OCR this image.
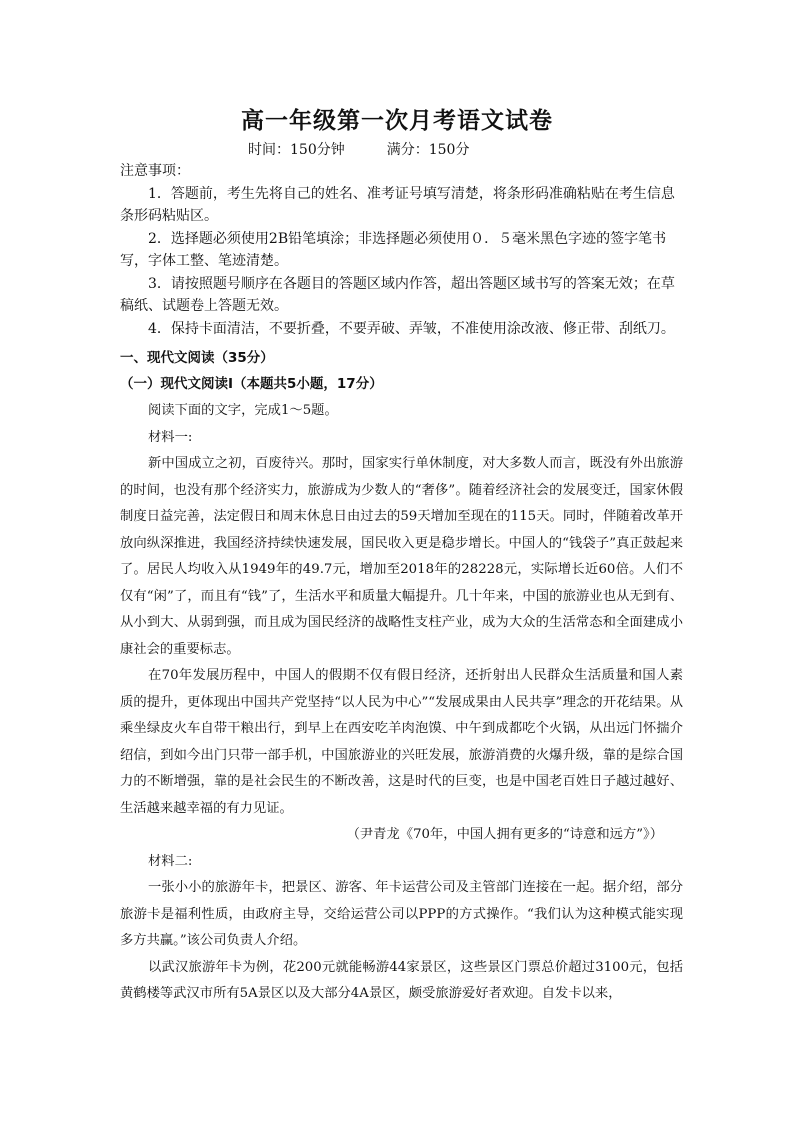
高一年级第一次月考语文试卷
时间：150分钟	满分：150分
注意事项：

1．答题前，考生先将自己的姓名、准考证号填写清楚，将条形码准确粘贴在考生信息条形码粘贴区。

2．选择题必须使用2B铅笔填涂；非选择题必须使用０．５毫米黑色字迹的签字笔书写，字体工整、笔迹清楚。

3．请按照题号顺序在各题目的答题区域内作答，超出答题区域书写的答案无效；在草稿纸、试题卷上答题无效。

4．保持卡面清洁，不要折叠，不要弄破、弄皱，不准使用涂改液、修正带、刮纸刀。

一、现代文阅读（35分）
（一）现代文阅读Ⅰ（本题共5小题，17分）

阅读下面的文字，完成1～5题。

材料一:

新中国成立之初，百废待兴。那时，国家实行单休制度，对大多数人而言，既没有外出旅游的时间，也没有那个经济实力，旅游成为少数人的“奢侈”。随着经济社会的发展变迁，国家休假制度日益完善，法定假日和周末休息日由过去的59天增加至现在的115天。同时，伴随着改革开放向纵深推进，我国经济持续快速发展，国民收入更是稳步增长。中国人的“钱袋子”真正鼓起来了。居民人均收入从1949年的49.7元，增加至2018年的28228元，实际增长近60倍。人们不仅有“闲”了，而且有“钱”了，生活水平和质量大幅提升。几十年来，中国的旅游业也从无到有、从小到大、从弱到强，而且成为国民经济的战略性支柱产业，成为大众的生活常态和全面建成小康社会的重要标志。

在70年发展历程中，中国人的假期不仅有假日经济，还折射出人民群众生活质量和国人素质的提升，更体现出中国共产党坚持“以人民为中心”“发展成果由人民共享”理念的开花结果。从乘坐绿皮火车自带干粮出行，到早上在西安吃羊肉泡馍、中午到成都吃个火锅，从出远门怀揣介绍信，到如今出门只带一部手机，中国旅游业的兴旺发展，旅游消费的火爆升级，靠的是综合国力的不断增强，靠的是社会民生的不断改善，这是时代的巨变，也是中国老百姓日子越过越好、生活越来越幸福的有力见证。

（尹青龙《70年，中国人拥有更多的“诗意和远方”》）

材料二:

一张小小的旅游年卡，把景区、游客、年卡运营公司及主管部门连接在一起。据介绍，部分旅游卡是福利性质，由政府主导，交给运营公司以PPP的方式操作。“我们认为这种模式能实现多方共赢。”该公司负责人介绍。

以武汉旅游年卡为例，花200元就能畅游44家景区，这些景区门票总价超过3100元，包括黄鹤楼等武汉市所有5A景区以及大部分4A景区，颇受旅游爱好者欢迎。自发卡以来，
